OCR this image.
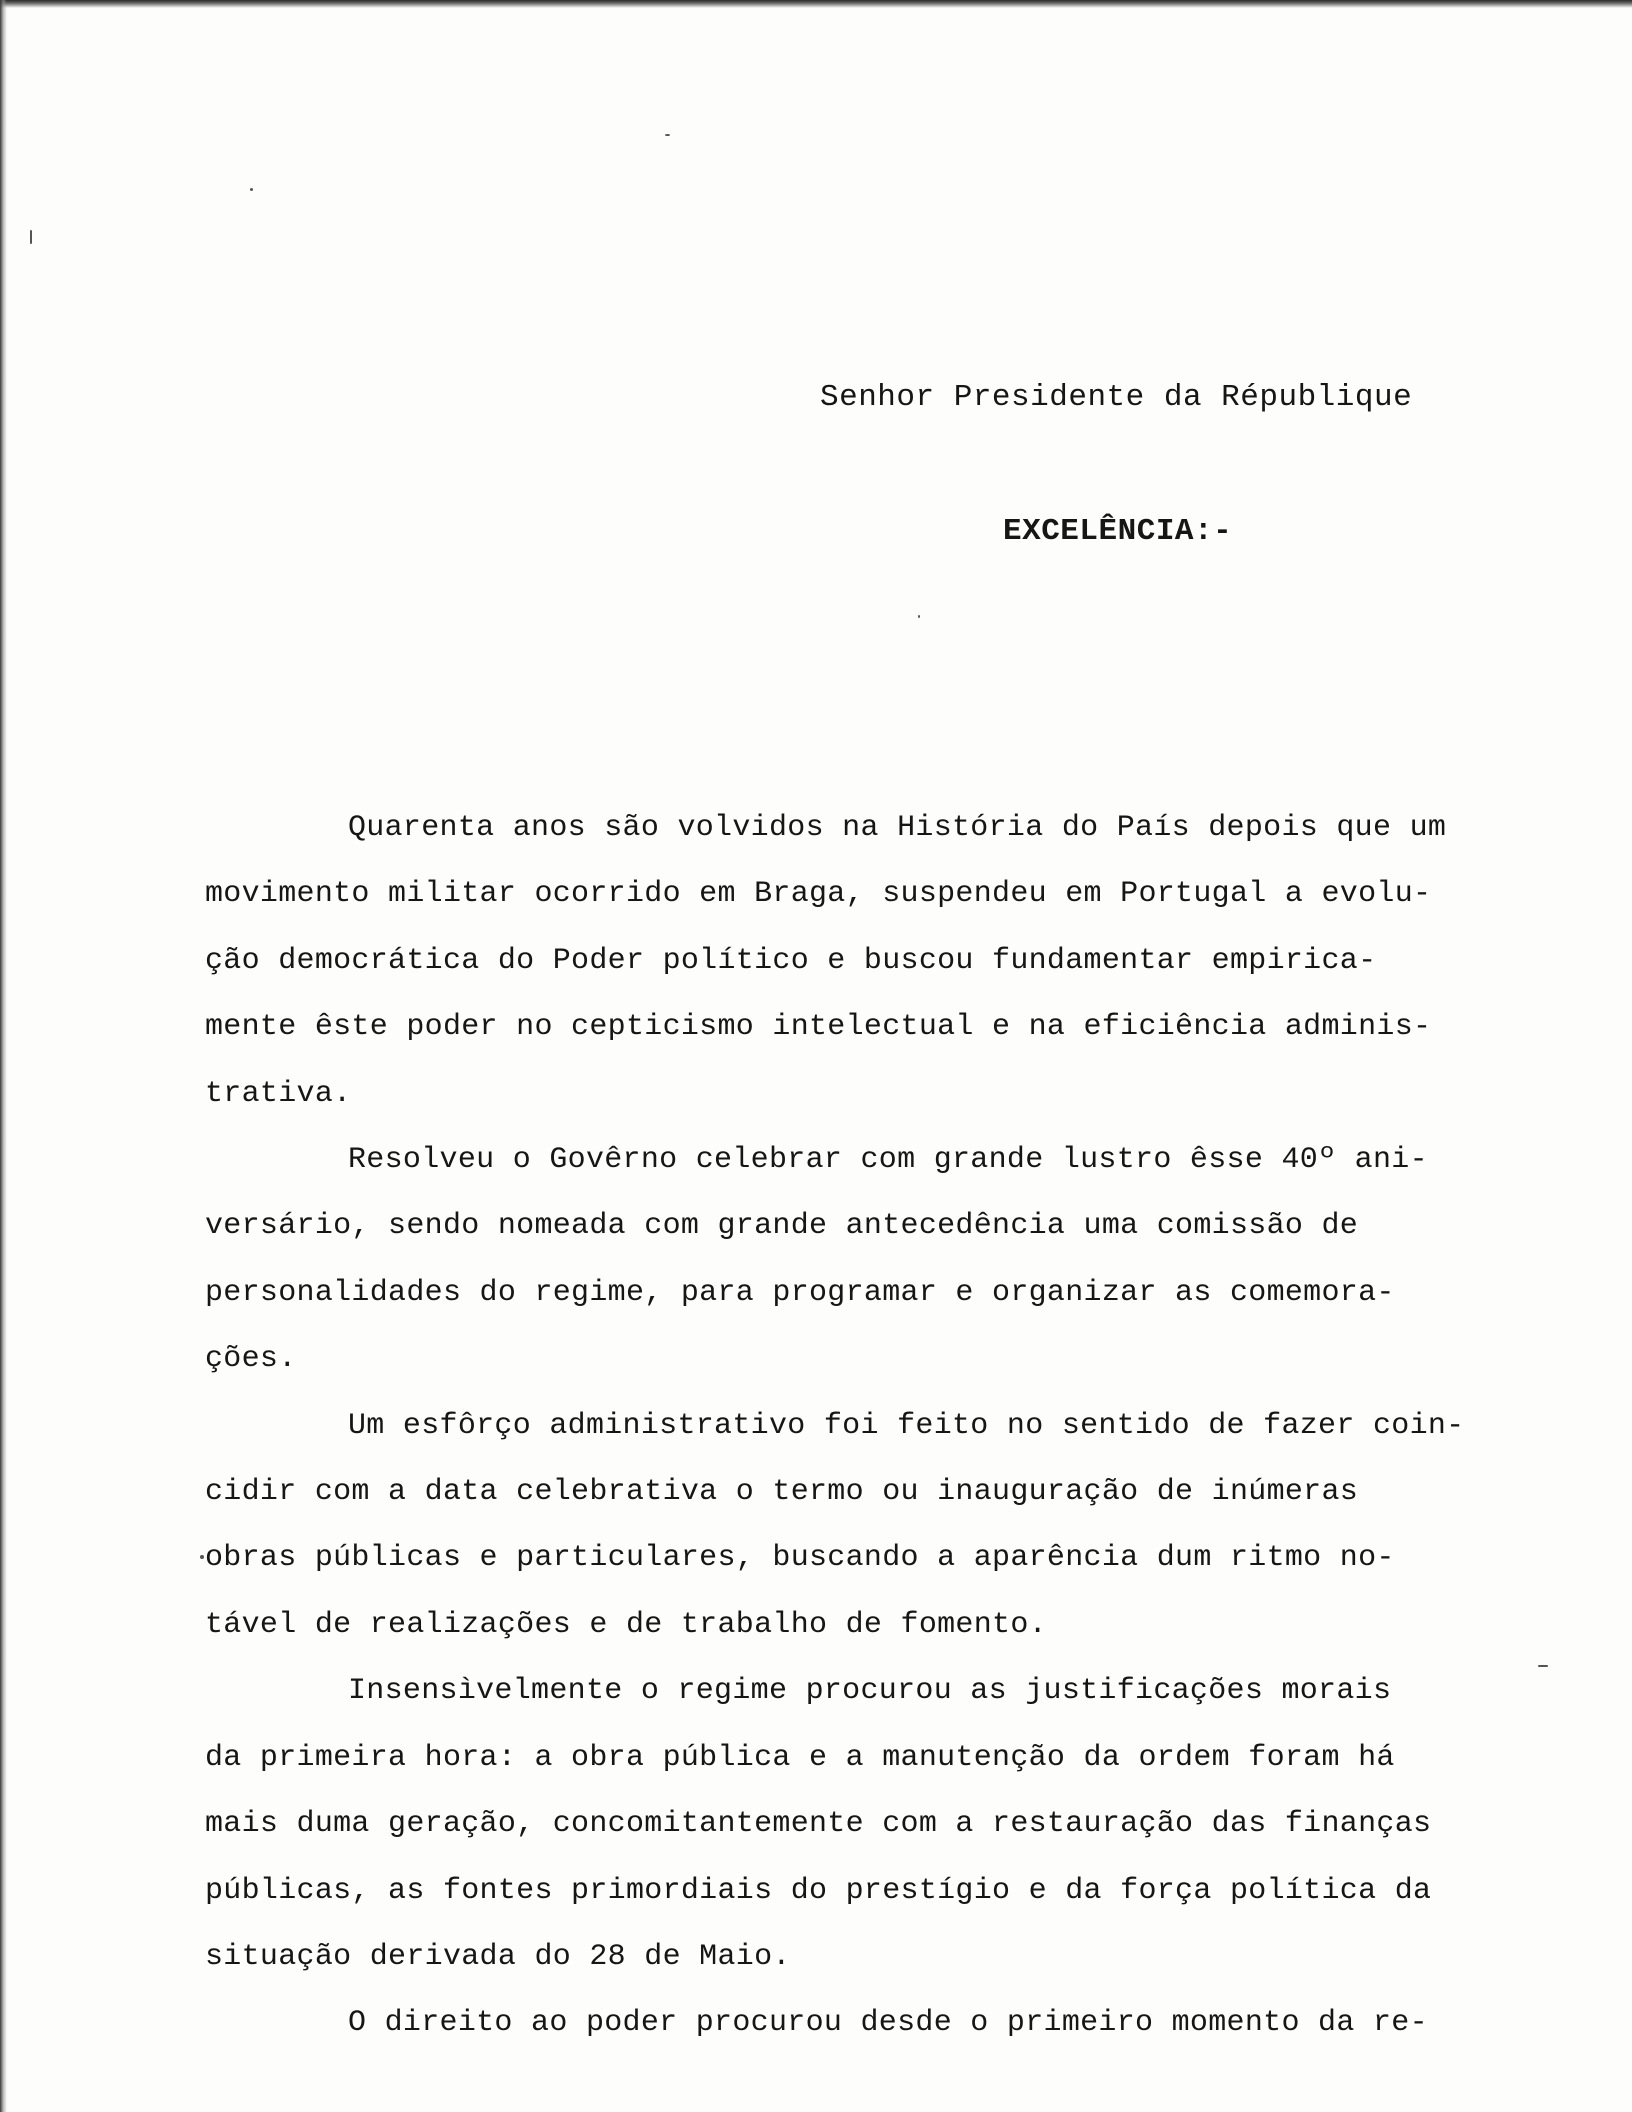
Senhor Presidente da République
EXCELÊNCIA:-

Quarenta anos são volvidos na História do País depois que um
movimento militar ocorrido em Braga, suspendeu em Portugal a evolu-
ção democrática do Poder político e buscou fundamentar empirica-
mente êste poder no cepticismo intelectual e na eficiência adminis-
trativa.

Resolveu o Govêrno celebrar com grande lustro êsse 40º ani-
versário, sendo nomeada com grande antecedência uma comissão de
personalidades do regime, para programar e organizar as comemora-
ções.

Um esfôrço administrativo foi feito no sentido de fazer coin-
cidir com a data celebrativa o termo ou inauguração de inúmeras
obras públicas e particulares, buscando a aparência dum ritmo no-
tável de realizações e de trabalho de fomento.

Insensìvelmente o regime procurou as justificações morais
da primeira hora: a obra pública e a manutenção da ordem foram há
mais duma geração, concomitantemente com a restauração das finanças
públicas, as fontes primordiais do prestígio e da força política da
situação derivada do 28 de Maio.

O direito ao poder procurou desde o primeiro momento da re-
